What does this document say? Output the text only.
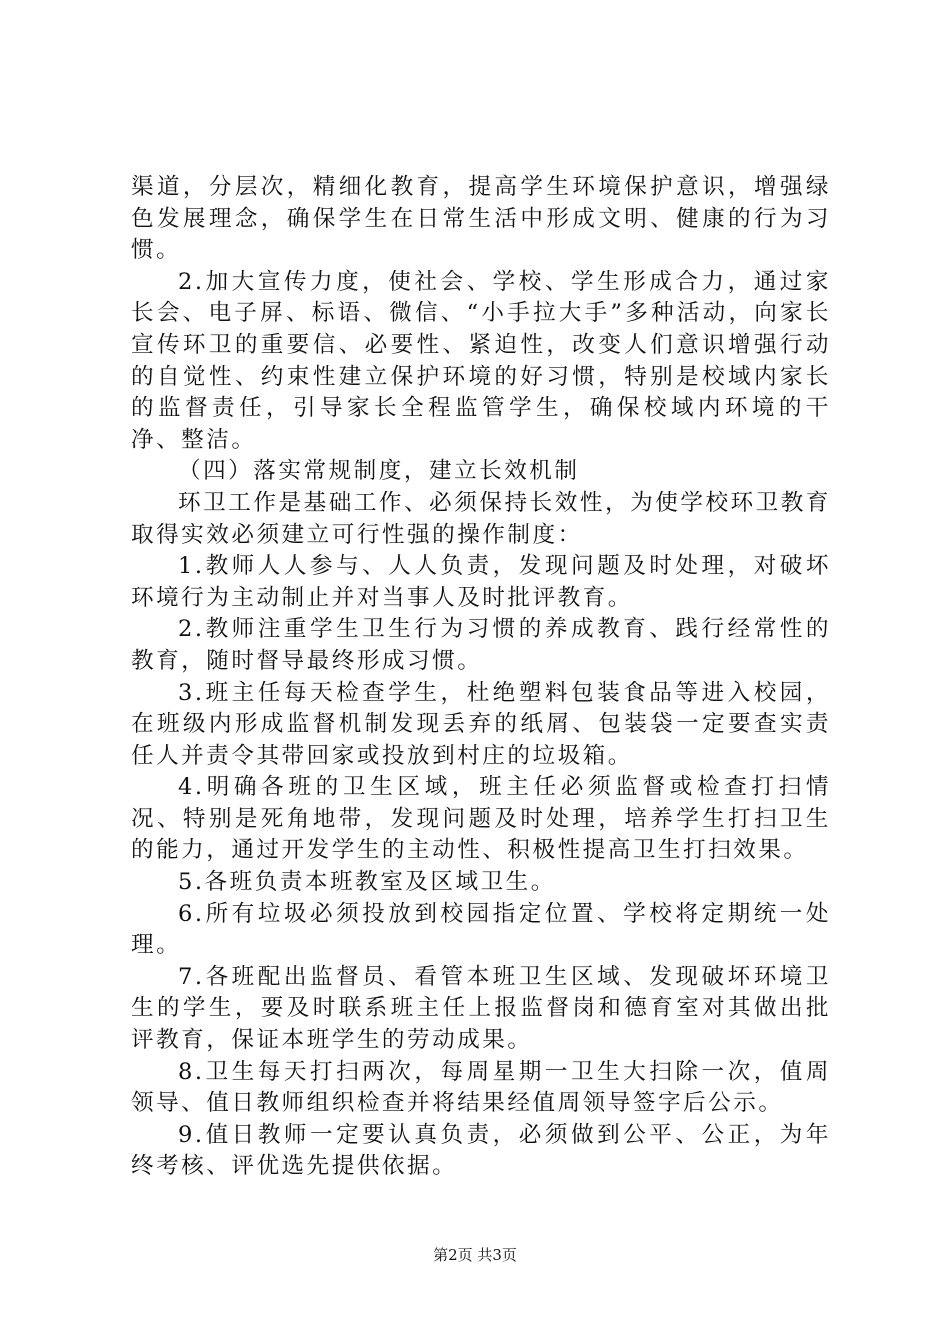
渠道，分层次，精细化教育，提高学生环境保护意识，增强绿色发展理念，确保学生在日常生活中形成文明、健康的行为习惯。

2.加大宣传力度，使社会、学校、学生形成合力，通过家长会、电子屏、标语、微信、“小手拉大手”多种活动，向家长宣传环卫的重要信、必要性、紧迫性，改变人们意识增强行动的自觉性、约束性建立保护环境的好习惯，特别是校域内家长的监督责任，引导家长全程监管学生，确保校域内环境的干净、整洁。

（四）落实常规制度，建立长效机制

环卫工作是基础工作、必须保持长效性，为使学校环卫教育取得实效必须建立可行性强的操作制度：

1.教师人人参与、人人负责，发现问题及时处理，对破坏环境行为主动制止并对当事人及时批评教育。

2.教师注重学生卫生行为习惯的养成教育、践行经常性的教育，随时督导最终形成习惯。

3.班主任每天检查学生，杜绝塑料包装食品等进入校园，在班级内形成监督机制发现丢弃的纸屑、包装袋一定要查实责任人并责令其带回家或投放到村庄的垃圾箱。

4.明确各班的卫生区域，班主任必须监督或检查打扫情况、特别是死角地带，发现问题及时处理，培养学生打扫卫生的能力，通过开发学生的主动性、积极性提高卫生打扫效果。

5.各班负责本班教室及区域卫生。

6.所有垃圾必须投放到校园指定位置、学校将定期统一处理。

7.各班配出监督员、看管本班卫生区域、发现破坏环境卫生的学生，要及时联系班主任上报监督岗和德育室对其做出批评教育，保证本班学生的劳动成果。

8.卫生每天打扫两次，每周星期一卫生大扫除一次，值周领导、值日教师组织检查并将结果经值周领导签字后公示。

9.值日教师一定要认真负责，必须做到公平、公正，为年终考核、评优选先提供依据。

第2页 共3页
